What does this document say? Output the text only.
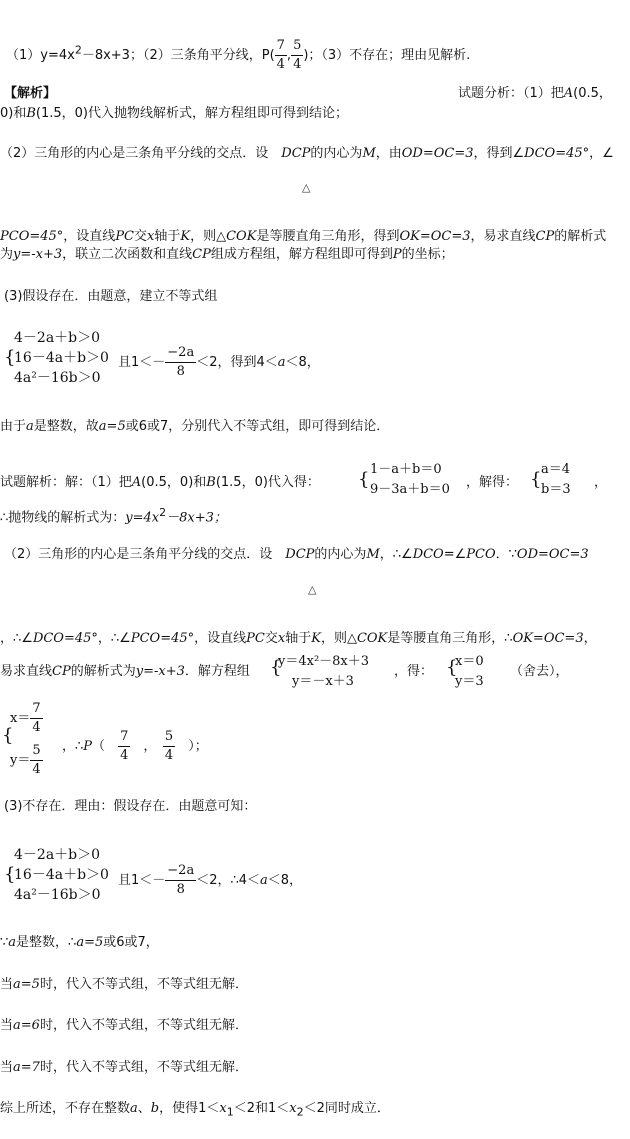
$(1)y=4x^2-8x+3$；（2）三条角平分线，$P( \frac{7}{4}$ , $\frac{5}{4}$ )；（3）不存在；理由见解析.
【解析】	试题分析：（1）把A(0.5，
0)和B(1.5，0)代入抛物线解析式，解方程组即可得到结论；
（2）三角形的内心是三条角平分线的交点．设　 DCP的内心为M，由OD=OC=3，得到∠DCO=45°，∠
△
PCO=45°，设直线PC交x轴于K，则△COK是等腰直角三角形，得到OK=OC=3，易求直线CP的解析式
为y=-x+3，联立二次函数和直线CP组成方程组，解方程组即可得到P的坐标；
(3)假设存在．由题意，建立不等式组
4－2a＋b＞0
16－4a＋b＞0
4a²－16b＞0
{	且$1<- \frac{-2a}{8} <2$，得到4＜a＜8，
由于a是整数，故a=5或6或7，分别代入不等式组，即可得到结论．
试题解析：解：（1）把A(0.5，0)和B(1.5，0)代入得： { 1－a＋b＝0
9－3a＋b＝0 ，解得： { a＝4
b＝3 ，
∴抛物线的解析式为：$y=4x^2-8x+3$；
（2）三角形的内心是三条角平分线的交点．设　 DCP的内心为M，∴∠DCO=∠PCO．∵OD=OC=3
△
，∴∠DCO=45°，∴∠PCO=45°，设直线PC交x轴于K，则△COK是等腰直角三角形，∴OK=OC=3，
易求直线CP的解析式为y=-x+3．解方程组 {
y＝4x²－8x＋3
y＝－x＋3
，得： {
x＝0
y＝3
（舍去），
{
$x= \frac{7}{4}$
$y= \frac{5}{4}$ ，∴P（　 $\frac{7}{4}$
　 ，　 $\frac{5}{4}$
　 ）；
(3)不存在．理由：假设存在．由题意可知：
4－2a＋b＞0
16－4a＋b＞0
4a²－16b＞0
{	且$1<- \frac{-2a}{8} <2$，∴4＜a＜8，
∵a是整数，∴a=5或6或7，
当a=5时，代入不等式组，不等式组无解．
当a=6时，代入不等式组，不等式组无解．
当a=7时，代入不等式组，不等式组无解．
综上所述，不存在整数a、b，使得$1<x_1<2$和$1<x_2<2$同时成立．
